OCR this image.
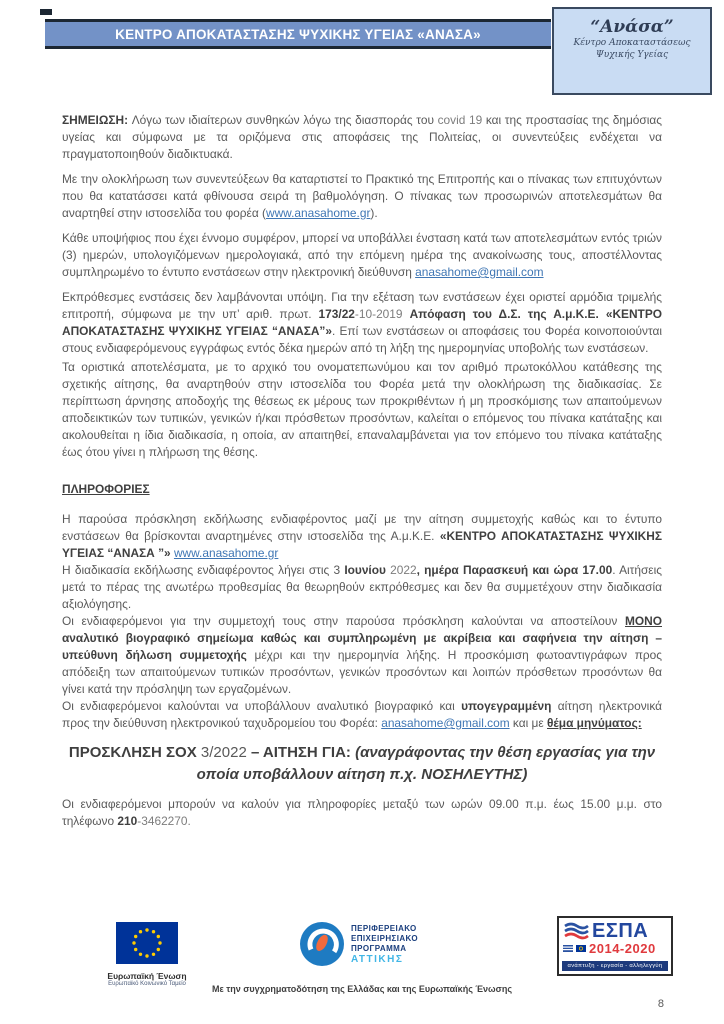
ΚΕΝΤΡΟ ΑΠΟΚΑΤΑΣΤΑΣΗΣ ΨΥΧΙΚΗΣ ΥΓΕΙΑΣ «ΑΝΑΣΑ»	“Ανάσα”
Κέντρο Αποκαταστάσεως
Ψυχικής Υγείας
ΣΗΜΕΙΩΣΗ: Λόγω των ιδιαίτερων συνθηκών λόγω της διασποράς του covid 19 και της προστασίας της δημόσιας υγείας και σύμφωνα με τα οριζόμενα στις αποφάσεις της Πολιτείας, οι συνεντεύξεις ενδέχεται να πραγματοποιηθούν διαδικτυακά.
Με την ολοκλήρωση των συνεντεύξεων θα καταρτιστεί το Πρακτικό της Επιτροπής και ο πίνακας των επιτυχόντων που θα κατατάσσει κατά φθίνουσα σειρά τη βαθμολόγηση. Ο πίνακας των προσωρινών αποτελεσμάτων θα αναρτηθεί στην ιστοσελίδα του φορέα (www.anasahome.gr).
Κάθε υποψήφιος που έχει έννομο συμφέρον, μπορεί να υποβάλλει ένσταση κατά των αποτελεσμάτων εντός τριών (3) ημερών, υπολογιζόμενων ημερολογιακά, από την επόμενη ημέρα της ανακοίνωσης τους, αποστέλλοντας συμπληρωμένο το έντυπο ενστάσεων στην ηλεκτρονική διεύθυνση anasahome@gmail.com
Εκπρόθεσμες ενστάσεις δεν λαμβάνονται υπόψη. Για την εξέταση των ενστάσεων έχει οριστεί αρμόδια τριμελής επιτροπή, σύμφωνα με την υπ’ αριθ. πρωτ. 173/22-10-2019 Απόφαση του Δ.Σ. της Α.μ.Κ.Ε. «ΚΕΝΤΡΟ ΑΠΟΚΑΤΑΣΤΑΣΗΣ ΨΥΧΙΚΗΣ ΥΓΕΙΑΣ “ΑΝΑΣΑ”». Επί των ενστάσεων οι αποφάσεις του Φορέα κοινοποιούνται στους ενδιαφερόμενους εγγράφως εντός δέκα ημερών από τη λήξη της ημερομηνίας υποβολής των ενστάσεων.
Τα οριστικά αποτελέσματα, με το αρχικό του ονοματεπωνύμου και τον αριθμό πρωτοκόλλου κατάθεσης της σχετικής αίτησης, θα αναρτηθούν στην ιστοσελίδα του Φορέα μετά την ολοκλήρωση της διαδικασίας. Σε περίπτωση άρνησης αποδοχής της θέσεως εκ μέρους των προκριθέντων ή μη προσκόμισης των απαιτούμενων αποδεικτικών των τυπικών, γενικών ή/και πρόσθετων προσόντων, καλείται ο επόμενος του πίνακα κατάταξης και ακολουθείται η ίδια διαδικασία, η οποία, αν απαιτηθεί, επαναλαμβάνεται για τον επόμενο του πίνακα κατάταξης έως ότου γίνει η πλήρωση της θέσης.
ΠΛΗΡΟΦΟΡΙΕΣ
Η παρούσα πρόσκληση εκδήλωσης ενδιαφέροντος μαζί με την αίτηση συμμετοχής καθώς και το έντυπο ενστάσεων θα βρίσκονται αναρτημένες στην ιστοσελίδα της Α.μ.Κ.Ε. «ΚΕΝΤΡΟ ΑΠΟΚΑΤΑΣΤΑΣΗΣ ΨΥΧΙΚΗΣ ΥΓΕΙΑΣ “ΑΝΑΣΑ ”» www.anasahome.gr
Η διαδικασία εκδήλωσης ενδιαφέροντος λήγει στις 3 Ιουνίου 2022, ημέρα Παρασκευή και ώρα 17.00. Αιτήσεις μετά το πέρας της ανωτέρω προθεσμίας θα θεωρηθούν εκπρόθεσμες και δεν θα συμμετέχουν στην διαδικασία αξιολόγησης.
Οι ενδιαφερόμενοι για την συμμετοχή τους στην παρούσα πρόσκληση καλούνται να αποστείλουν ΜΟΝΟ αναλυτικό βιογραφικό σημείωμα καθώς και συμπληρωμένη με ακρίβεια και σαφήνεια την αίτηση – υπεύθυνη δήλωση συμμετοχής μέχρι και την ημερομηνία λήξης. Η προσκόμιση φωτοαντιγράφων προς απόδειξη των απαιτούμενων τυπικών προσόντων, γενικών προσόντων και λοιπών πρόσθετων προσόντων θα γίνει κατά την πρόσληψη των εργαζομένων.
Οι ενδιαφερόμενοι καλούνται να υποβάλλουν αναλυτικό βιογραφικό και υπογεγραμμένη αίτηση ηλεκτρονικά προς την διεύθυνση ηλεκτρονικού ταχυδρομείου του Φορέα: anasahome@gmail.com και με θέμα μηνύματος:
ΠΡΟΣΚΛΗΣΗ ΣΟΧ 3/2022 – ΑΙΤΗΣΗ ΓΙΑ: (αναγράφοντας την θέση εργασίας για την οποία υποβάλλουν αίτηση π.χ. ΝΟΣΗΛΕΥΤΗΣ)
Οι ενδιαφερόμενοι μπορούν να καλούν για πληροφορίες μεταξύ των ωρών 09.00 π.μ. έως 15.00 μ.μ. στο τηλέφωνο 210-3462270.
Ευρωπαϊκή Ένωση
Ευρωπαϊκό Κοινωνικό Ταμείο
ΠΕΡΙΦΕΡΕΙΑΚΟ
ΕΠΙΧΕΙΡΗΣΙΑΚΟ
ΠΡΟΓΡΑΜΜΑ
ΑΤΤΙΚΗΣ
ΕΣΠΑ
2014-2020
ανάπτυξη - εργασία - αλληλεγγύη
Με την συγχρηματοδότηση της Ελλάδας και της Ευρωπαϊκής Ένωσης
8
